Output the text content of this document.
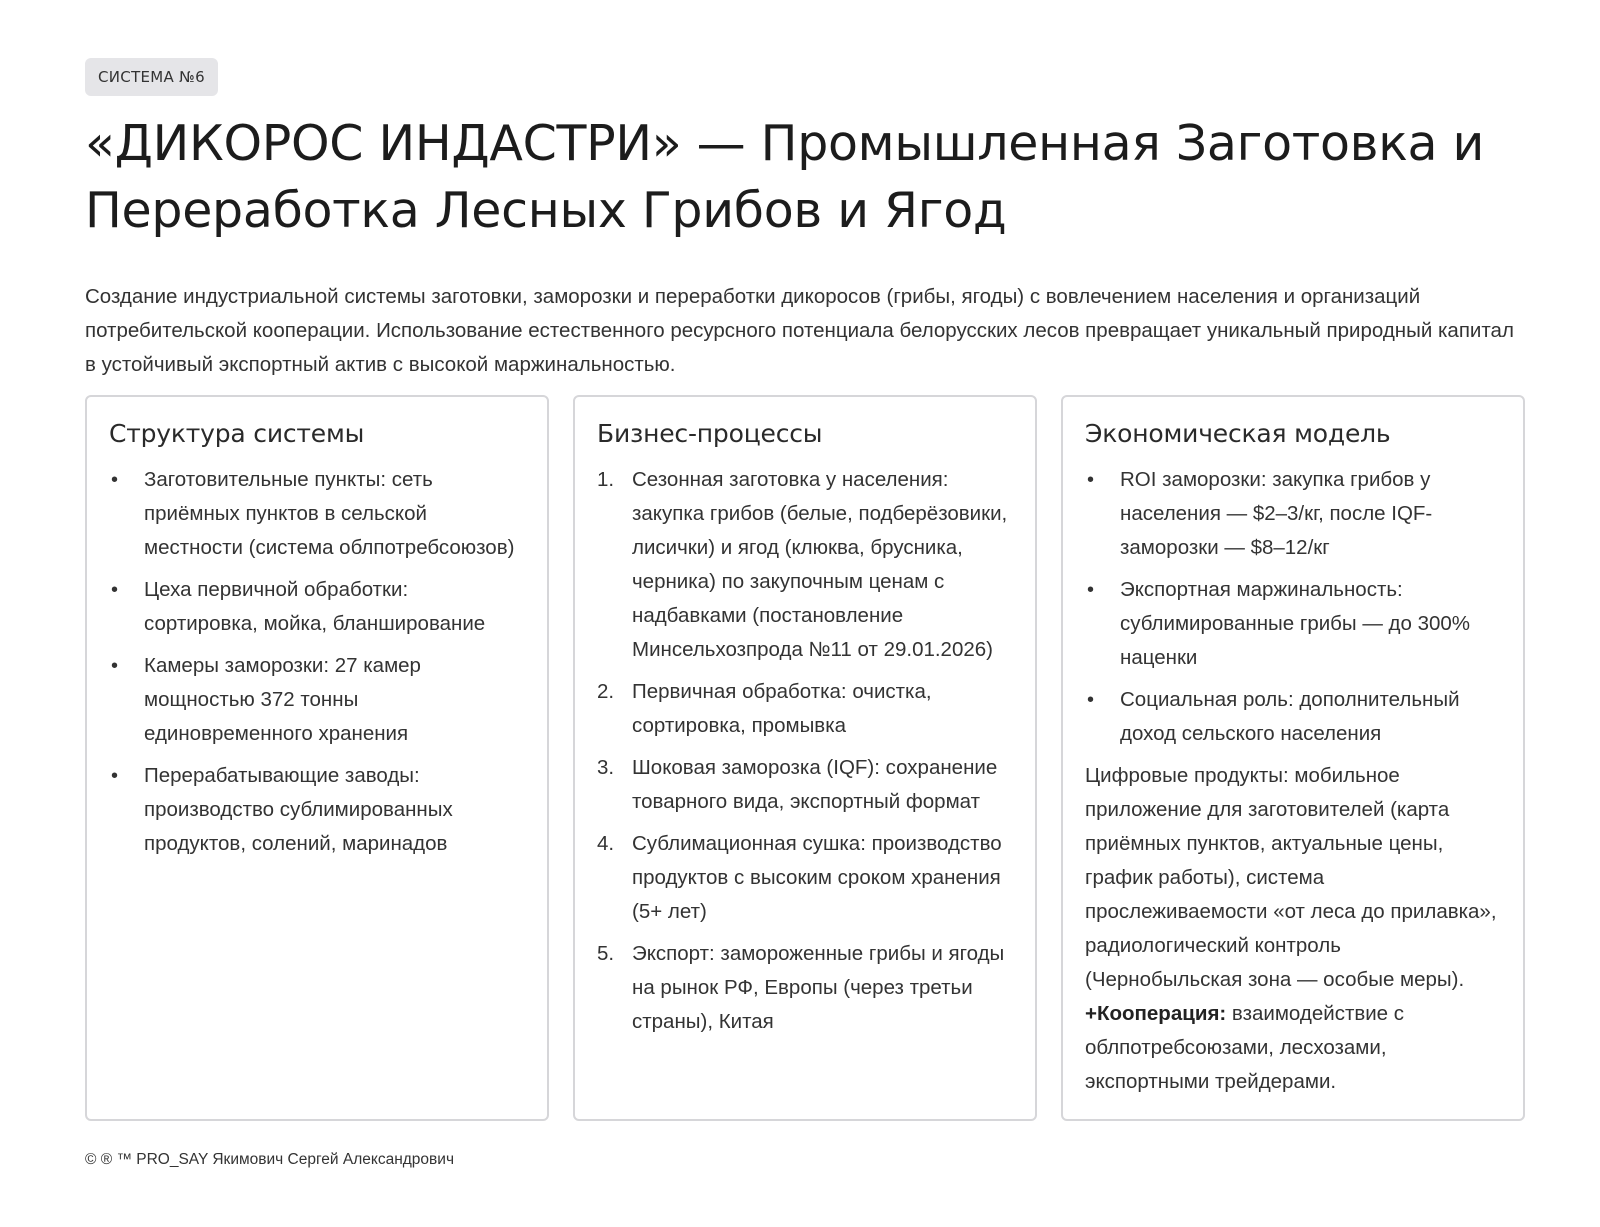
СИСТЕМА №6
«ДИКОРОС ИНДАСТРИ» — Промышленная Заготовка и Переработка Лесных Грибов и Ягод

Создание индустриальной системы заготовки, заморозки и переработки дикоросов (грибы, ягоды) с вовлечением населения и организаций потребительской кооперации. Использование естественного ресурсного потенциала белорусских лесов превращает уникальный природный капитал в устойчивый экспортный актив с высокой маржинальностью.

Структура системы
• Заготовительные пункты: сеть приёмных пунктов в сельской местности (система облпотребсоюзов)
• Цеха первичной обработки: сортировка, мойка, бланширование
• Камеры заморозки: 27 камер мощностью 372 тонны единовременного хранения
• Перерабатывающие заводы: производство сублимированных продуктов, солений, маринадов
Бизнес-процессы
1. Сезонная заготовка у населения: закупка грибов (белые, подберёзовики, лисички) и ягод (клюква, брусника, черника) по закупочным ценам с надбавками (постановление Минсельхозпрода №11 от 29.01.2026)
2. Первичная обработка: очистка, сортировка, промывка
3. Шоковая заморозка (IQF): сохранение товарного вида, экспортный формат
4. Сублимационная сушка: производство продуктов с высоким сроком хранения (5+ лет)
5. Экспорт: замороженные грибы и ягоды на рынок РФ, Европы (через третьи страны), Китая
Экономическая модель
• ROI заморозки: закупка грибов у населения — $2–3/кг, после IQF-заморозки — $8–12/кг
• Экспортная маржинальность: сублимированные грибы — до 300% наценки
• Социальная роль: дополнительный доход сельского населения

Цифровые продукты: мобильное приложение для заготовителей (карта приёмных пунктов, актуальные цены, график работы), система прослеживаемости «от леса до прилавка», радиологический контроль (Чернобыльская зона — особые меры).
+Кооперация: взаимодействие с облпотребсоюзами, лесхозами, экспортными трейдерами.

© ® ™ PRO_SAY Якимович Сергей Александрович
